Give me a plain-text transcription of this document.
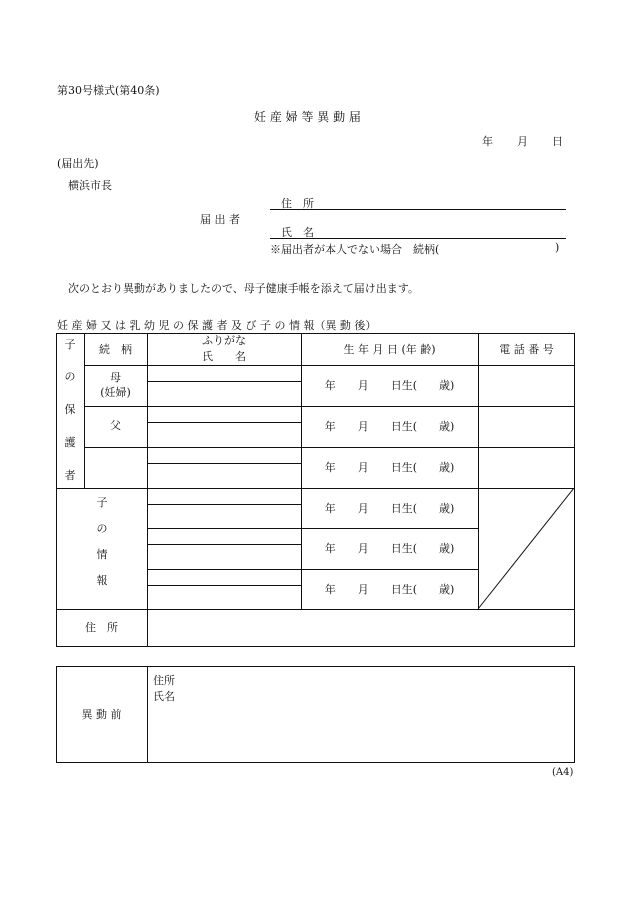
第30号様式(第40条)
妊 産 婦 等 異 動 届
年 月 日
(届出先)
横浜市長
届 出 者
住　所
氏　名
※届出者が本人でない場合　続柄(	)
次のとおり異動がありましたので、母子健康手帳を添えて届け出ます。
妊 産 婦 又 は 乳 幼 児 の 保 護 者 及 び 子 の 情 報（異 動 後）
続　柄
ふりがな
氏　　名
生 年 月 日 (年 齢)	電 話 番 号
子
の
保
護
者
母
(妊婦)
父
子
の
情
報
年　　月　　日生(　　歳)
年　　月　　日生(　　歳)
年　　月　　日生(　　歳)
年　　月　　日生(　　歳)
年　　月　　日生(　　歳)
年　　月　　日生(　　歳)
住　所
異 動 前
住所
氏名
(A4)
